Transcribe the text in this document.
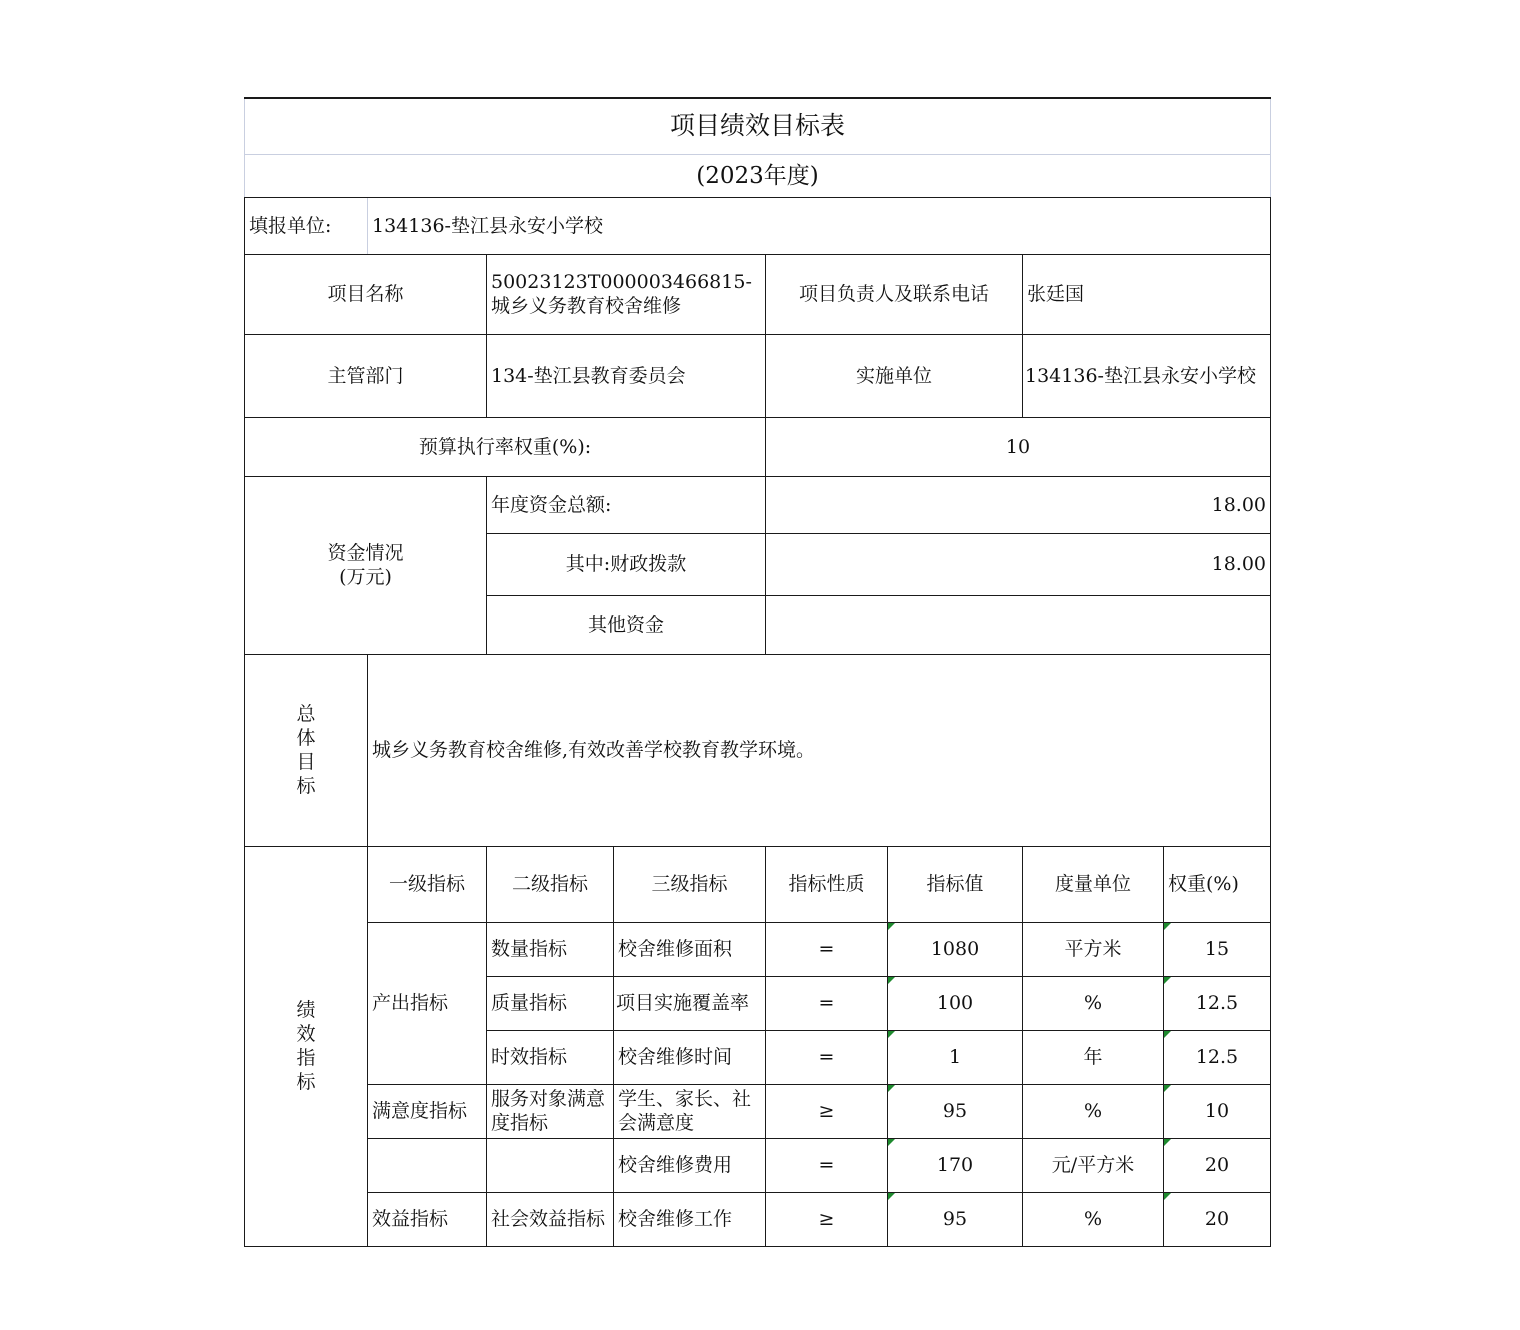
项目绩效目标表							
(2023年度)							
填报单位:	134136-垫江县永安小学校						
项目名称		50023123T000003466815-城乡义务教育校舍维修		项目负责人及联系电话		张廷国	
主管部门		134-垫江县教育委员会		实施单位		134136-垫江县永安小学校	
预算执行率权重(%):				10			
资金情况
(万元)		年度资金总额:		18.00			
		其中:财政拨款		18.00			
		其他资金					
总体目标	城乡义务教育校舍维修,有效改善学校教育教学环境。						
绩效指标	一级指标	二级指标	三级指标	指标性质	指标值	度量单位	权重(%)
	产出指标	数量指标	校舍维修面积	=	1080	平方米	15
		质量指标	项目实施覆盖率	=	100	%	12.5
		时效指标	校舍维修时间	=	1	年	12.5
	满意度指标	服务对象满意度指标	学生、家长、社会满意度	≥	95	%	10
			校舍维修费用	=	170	元/平方米	20
	效益指标	社会效益指标	校舍维修工作	≥	95	%	20
